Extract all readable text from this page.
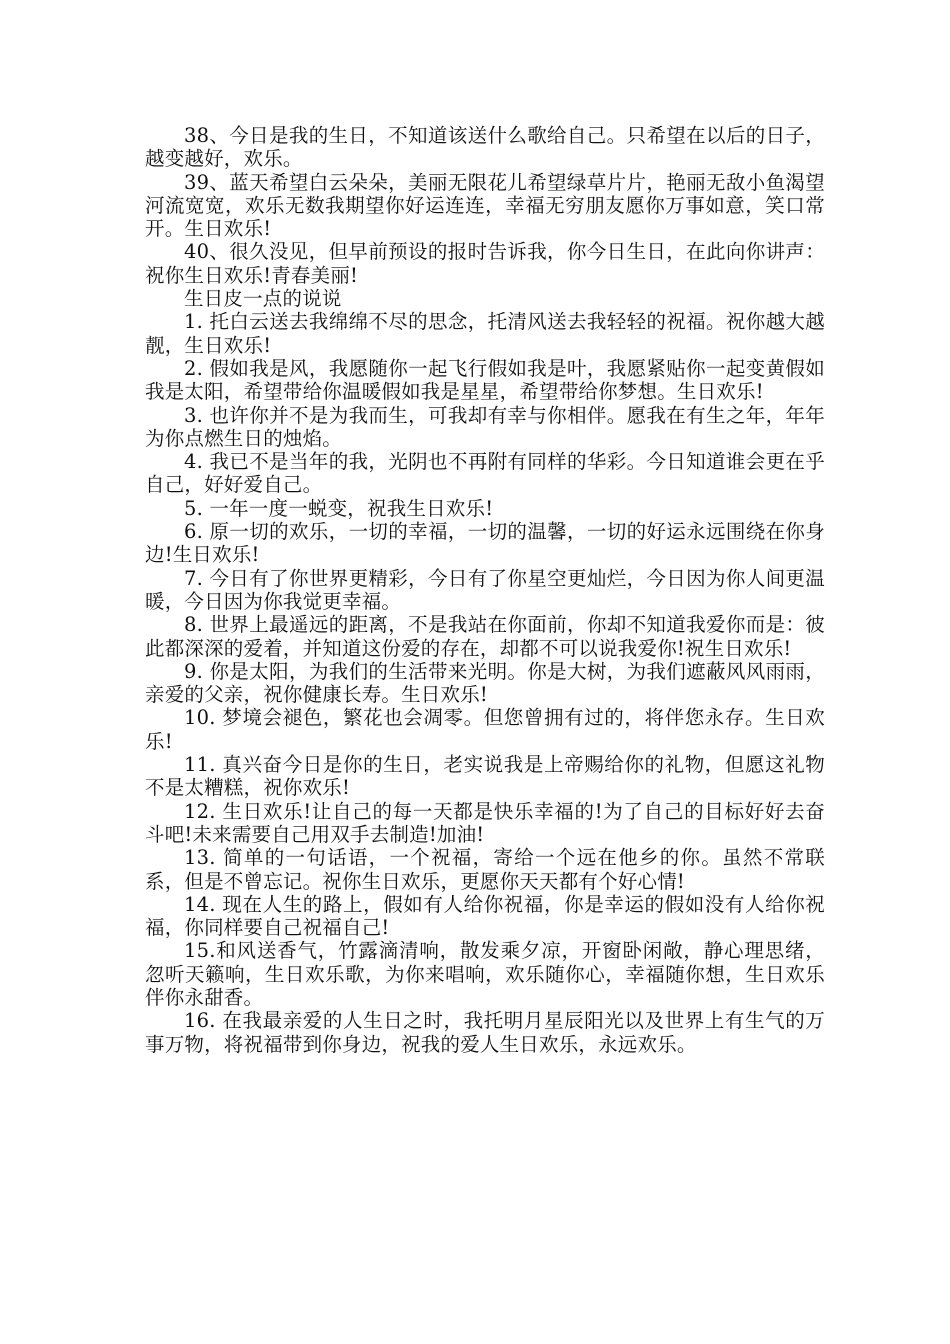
38、今日是我的生日，不知道该送什么歌给自己。只希望在以后的日子，越变越好，欢乐。

39、蓝天希望白云朵朵，美丽无限花儿希望绿草片片，艳丽无敌小鱼渴望河流宽宽，欢乐无数我期望你好运连连，幸福无穷朋友愿你万事如意，笑口常开。生日欢乐!

40、很久没见，但早前预设的报时告诉我，你今日生日，在此向你讲声：祝你生日欢乐!青春美丽!

生日皮一点的说说

1. 托白云送去我绵绵不尽的思念，托清风送去我轻轻的祝福。祝你越大越靓，生日欢乐!

2. 假如我是风，我愿随你一起飞行假如我是叶，我愿紧贴你一起变黄假如我是太阳，希望带给你温暖假如我是星星，希望带给你梦想。生日欢乐!

3. 也许你并不是为我而生，可我却有幸与你相伴。愿我在有生之年，年年为你点燃生日的烛焰。

4. 我已不是当年的我，光阴也不再附有同样的华彩。今日知道谁会更在乎自己，好好爱自己。

5. 一年一度一蜕变，祝我生日欢乐!

6. 原一切的欢乐，一切的幸福，一切的温馨，一切的好运永远围绕在你身边!生日欢乐!

7. 今日有了你世界更精彩，今日有了你星空更灿烂，今日因为你人间更温暖，今日因为你我觉更幸福。

8. 世界上最遥远的距离，不是我站在你面前，你却不知道我爱你而是：彼此都深深的爱着，并知道这份爱的存在，却都不可以说我爱你!祝生日欢乐!

9. 你是太阳，为我们的生活带来光明。你是大树，为我们遮蔽风风雨雨，亲爱的父亲，祝你健康长寿。生日欢乐!

10. 梦境会褪色，繁花也会凋零。但您曾拥有过的，将伴您永存。生日欢乐!

11. 真兴奋今日是你的生日，老实说我是上帝赐给你的礼物，但愿这礼物不是太糟糕，祝你欢乐!

12. 生日欢乐!让自己的每一天都是快乐幸福的!为了自己的目标好好去奋斗吧!未来需要自己用双手去制造!加油!

13. 简单的一句话语，一个祝福，寄给一个远在他乡的你。虽然不常联系，但是不曾忘记。祝你生日欢乐，更愿你天天都有个好心情!

14. 现在人生的路上，假如有人给你祝福，你是幸运的假如没有人给你祝福，你同样要自己祝福自己!

15.和风送香气，竹露滴清响，散发乘夕凉，开窗卧闲敞，静心理思绪，忽听天籁响，生日欢乐歌，为你来唱响，欢乐随你心，幸福随你想，生日欢乐伴你永甜香。

16. 在我最亲爱的人生日之时，我托明月星辰阳光以及世界上有生气的万事万物，将祝福带到你身边，祝我的爱人生日欢乐，永远欢乐。
